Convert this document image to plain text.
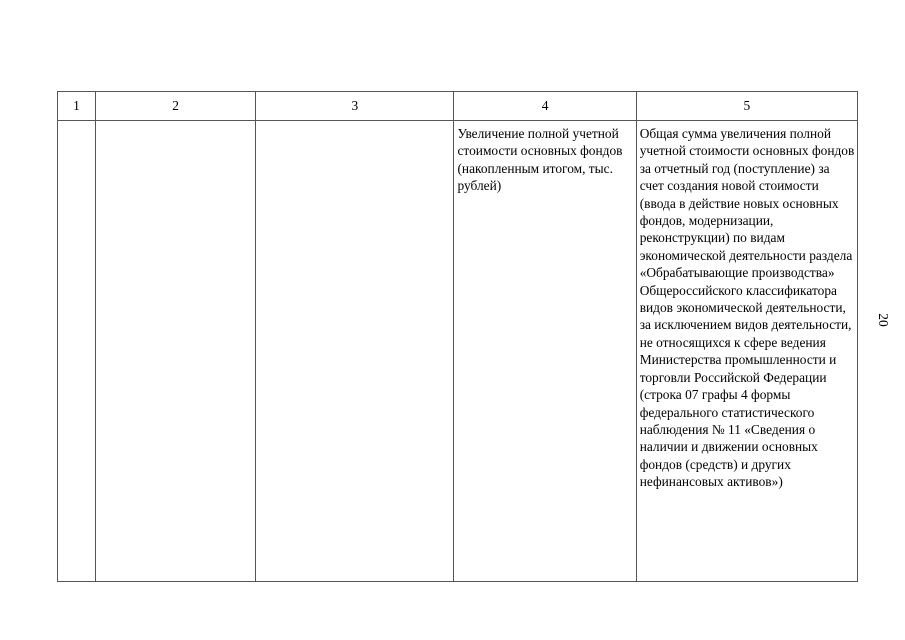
1	2	3	4	5

			Увеличение полной учетной стоимости основных фондов (накопленным итогом, тыс. рублей)	Общая сумма увеличения полной учетной стоимости основных фондов за отчетный год (поступление) за счет создания новой стоимости (ввода в действие новых основных фондов, модернизации, реконструкции) по видам экономической деятельности раздела «Обрабатывающие производства» Общероссийского классификатора видов экономической деятельности, за исключением видов деятельности, не относящихся к сфере ведения Министерства промышленности и торговли Российской Федерации (строка 07 графы 4 формы федерального статистического наблюдения № 11 «Сведения о наличии и движении основных фондов (средств) и других нефинансовых активов»)
20
